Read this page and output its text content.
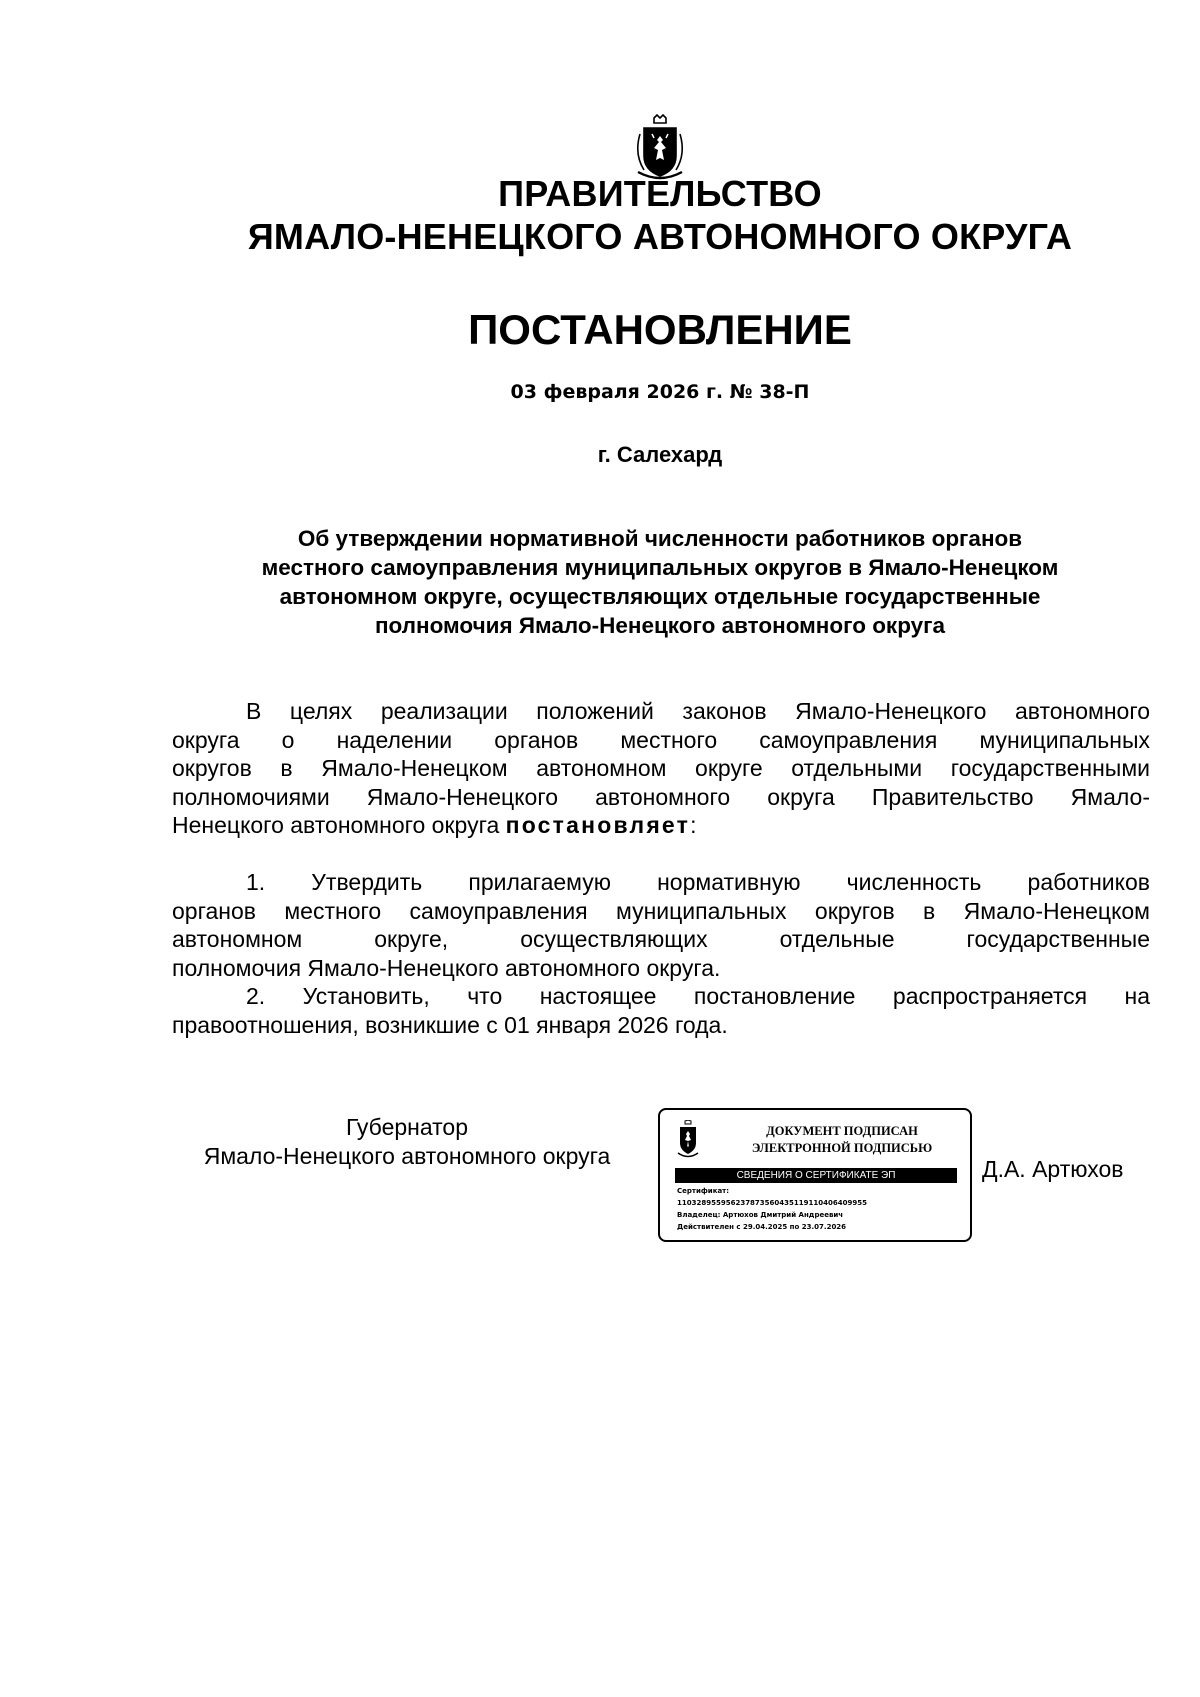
ПРАВИТЕЛЬСТВО
ЯМАЛО-НЕНЕЦКОГО АВТОНОМНОГО ОКРУГА
ПОСТАНОВЛЕНИЕ
03 февраля 2026 г. № 38-П
г. Салехард
Об утверждении нормативной численности работников органов
местного самоуправления муниципальных округов в Ямало-Ненецком
автономном округе, осуществляющих отдельные государственные
полномочия Ямало-Ненецкого автономного округа
В целях реализации положений законов Ямало-Ненецкого автономного
округа о наделении органов местного самоуправления муниципальных
округов в Ямало-Ненецком автономном округе отдельными государственными
полномочиями Ямало-Ненецкого автономного округа Правительство Ямало-
Ненецкого автономного округа постановляет:
1. Утвердить прилагаемую нормативную численность работников
органов местного самоуправления муниципальных округов в Ямало-Ненецком
автономном округе, осуществляющих отдельные государственные
полномочия Ямало-Ненецкого автономного округа.
2. Установить, что настоящее постановление распространяется на
правоотношения, возникшие с 01 января 2026 года.
Губернатор
Ямало-Ненецкого автономного округа
ДОКУМЕНТ ПОДПИСАН
ЭЛЕКТРОННОЙ ПОДПИСЬЮ
СВЕДЕНИЯ О СЕРТИФИКАТЕ ЭП
Сертификат:
110328955956237873560435119110406409955
Владелец: Артюхов Дмитрий Андреевич
Действителен с 29.04.2025 по 23.07.2026
Д.А. Артюхов
